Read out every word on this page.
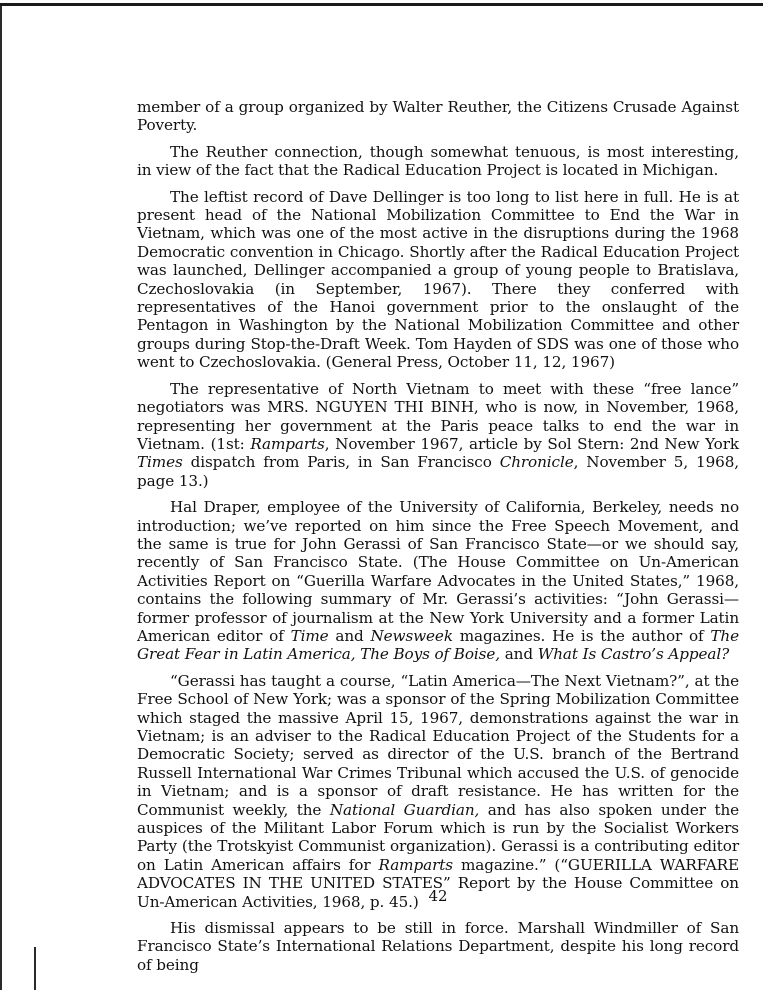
member of a group organized by Walter Reuther, the Citizens Crusade Against Poverty.

The Reuther connection, though somewhat tenuous, is most interesting, in view of the fact that the Radical Education Project is located in Michigan.

The leftist record of Dave Dellinger is too long to list here in full. He is at present head of the National Mobilization Committee to End the War in Vietnam, which was one of the most active in the disruptions during the 1968 Democratic convention in Chicago. Shortly after the Radical Education Project was launched, Dellinger accompanied a group of young people to Bratislava, Czechoslovakia (in September, 1967). There they conferred with representatives of the Hanoi government prior to the onslaught of the Pentagon in Washington by the National Mobilization Committee and other groups during Stop-the-Draft Week. Tom Hayden of SDS was one of those who went to Czechoslovakia. (General Press, October 11, 12, 1967)

The representative of North Vietnam to meet with these “free lance” negotiators was MRS. NGUYEN THI BINH, who is now, in November, 1968, representing her government at the Paris peace talks to end the war in Vietnam. (1st: Ramparts, November 1967, article by Sol Stern: 2nd New York Times dispatch from Paris, in San Francisco Chronicle, November 5, 1968, page 13.)

Hal Draper, employee of the University of California, Berkeley, needs no introduction; we’ve reported on him since the Free Speech Movement, and the same is true for John Gerassi of San Francisco State—or we should say, recently of San Francisco State. (The House Committee on Un-American Activities Report on “Guerilla Warfare Advocates in the United States,” 1968, contains the following summary of Mr. Gerassi’s activities: “John Gerassi—former professor of journalism at the New York University and a former Latin American editor of Time and Newsweek magazines. He is the author of The Great Fear in Latin America, The Boys of Boise, and What Is Castro’s Appeal?

“Gerassi has taught a course, “Latin America—The Next Vietnam?”, at the Free School of New York; was a sponsor of the Spring Mobilization Committee which staged the massive April 15, 1967, demonstrations against the war in Vietnam; is an adviser to the Radical Education Project of the Students for a Democratic Society; served as director of the U.S. branch of the Bertrand Russell International War Crimes Tribunal which accused the U.S. of genocide in Vietnam; and is a sponsor of draft resistance. He has written for the Communist weekly, the National Guardian, and has also spoken under the auspices of the Militant Labor Forum which is run by the Socialist Workers Party (the Trotskyist Communist organization). Gerassi is a contributing editor on Latin American affairs for Ramparts magazine.” (“GUERILLA WARFARE ADVOCATES IN THE UNITED STATES” Report by the House Committee on Un-American Activities, 1968, p. 45.)

His dismissal appears to be still in force. Marshall Windmiller of San Francisco State’s International Relations Department, despite his long record of being

42
